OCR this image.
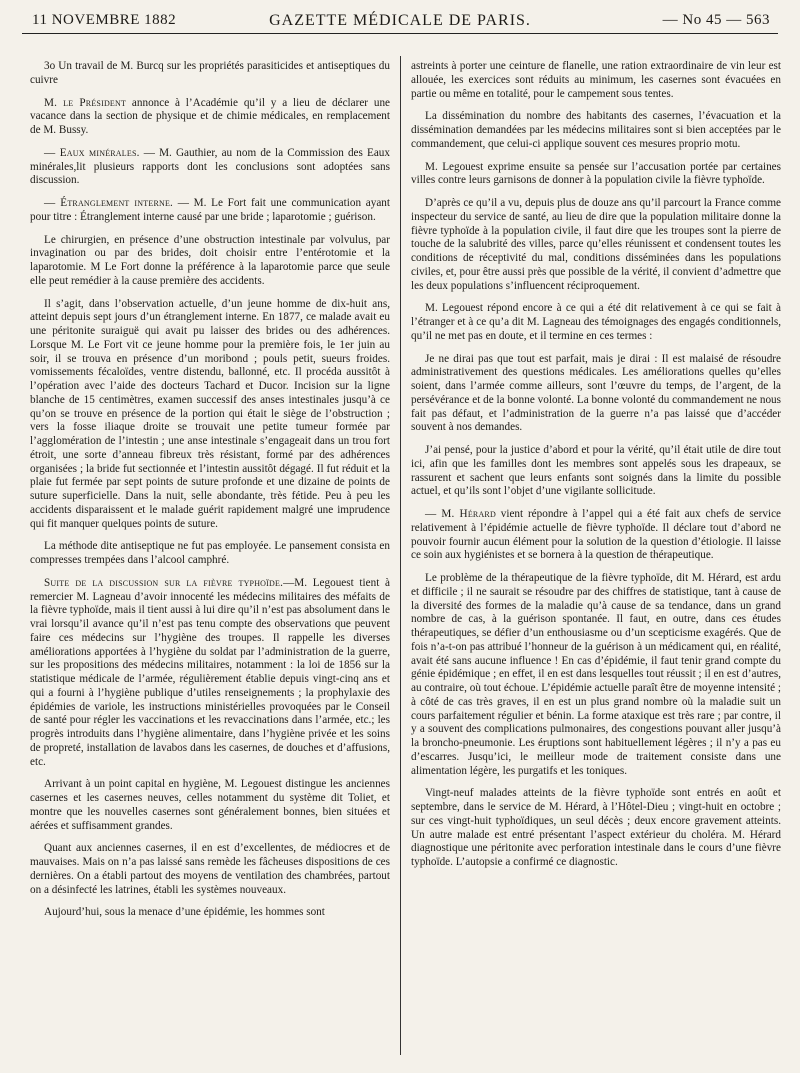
11 NOVEMBRE 1882	GAZETTE MÉDICALE DE PARIS.	— No 45 — 563

3o Un travail de M. Burcq sur les propriétés parasiticides et antiseptiques du cuivre

M. le Président annonce à l’Académie qu’il y a lieu de déclarer une vacance dans la section de physique et de chimie médicales, en remplacement de M. Bussy.

— Eaux minérales. — M. Gauthier, au nom de la Commission des Eaux minérales,lit plusieurs rapports dont les conclusions sont adoptées sans discussion.

— Étranglement interne. — M. Le Fort fait une communication ayant pour titre : Étranglement interne causé par une bride ; laparotomie ; guérison.

Le chirurgien, en présence d’une obstruction intestinale par volvulus, par invagination ou par des brides, doit choisir entre l’entérotomie et la laparotomie. M Le Fort donne la préférence à la laparotomie parce que seule elle peut remédier à la cause première des accidents.

Il s’agit, dans l’observation actuelle, d’un jeune homme de dix-huit ans, atteint depuis sept jours d’un étranglement interne. En 1877, ce malade avait eu une péritonite suraiguë qui avait pu laisser des brides ou des adhérences. Lorsque M. Le Fort vit ce jeune homme pour la première fois, le 1er juin au soir, il se trouva en présence d’un moribond ; pouls petit, sueurs froides. vomissements fécaloïdes, ventre distendu, ballonné, etc. Il procéda aussitôt à l’opération avec l’aide des docteurs Tachard et Ducor. Incision sur la ligne blanche de 15 centimètres, examen successif des anses intestinales jusqu’à ce qu’on se trouve en présence de la portion qui était le siège de l’obstruction ; vers la fosse iliaque droite se trouvait une petite tumeur formée par l’agglomération de l’intestin ; une anse intestinale s’engageait dans un trou fort étroit, une sorte d’anneau fibreux très résistant, formé par des adhérences organisées ; la bride fut sectionnée et l’intestin aussitôt dégagé. Il fut réduit et la plaie fut fermée par sept points de suture profonde et une dizaine de points de suture superficielle. Dans la nuit, selle abondante, très fétide. Peu à peu les accidents disparaissent et le malade guérit rapidement malgré une imprudence qui fit manquer quelques points de suture.

La méthode dite antiseptique ne fut pas employée. Le pansement consista en compresses trempées dans l’alcool camphré.

Suite de la discussion sur la fièvre typhoïde.—M. Legouest tient à remercier M. Lagneau d’avoir innocenté les médecins militaires des méfaits de la fièvre typhoïde, mais il tient aussi à lui dire qu’il n’est pas absolument dans le vrai lorsqu’il avance qu’il n’est pas tenu compte des observations que peuvent faire ces médecins sur l’hygiène des troupes. Il rappelle les diverses améliorations apportées à l’hygiène du soldat par l’administration de la guerre, sur les propositions des médecins militaires, notamment : la loi de 1856 sur la statistique médicale de l’armée, régulièrement établie depuis vingt-cinq ans et qui a fourni à l’hygiène publique d’utiles renseignements ; la prophylaxie des épidémies de variole, les instructions ministérielles provoquées par le Conseil de santé pour régler les vaccinations et les revaccinations dans l’armée, etc.; les progrès introduits dans l’hygiène alimentaire, dans l’hygiène privée et les soins de propreté, installation de lavabos dans les casernes, de douches et d’affusions, etc.

Arrivant à un point capital en hygiène, M. Legouest distingue les anciennes casernes et les casernes neuves, celles notamment du système dit Toliet, et montre que les nouvelles casernes sont généralement bonnes, bien situées et aérées et suffisamment grandes.

Quant aux anciennes casernes, il en est d’excellentes, de médiocres et de mauvaises. Mais on n’a pas laissé sans remède les fâcheuses dispositions de ces dernières. On a établi partout des moyens de ventilation des chambrées, partout on a désinfecté les latrines, établi les systèmes nouveaux.

Aujourd’hui, sous la menace d’une épidémie, les hommes sont

astreints à porter une ceinture de flanelle, une ration extraordinaire de vin leur est allouée, les exercices sont réduits au minimum, les casernes sont évacuées en partie ou même en totalité, pour le campement sous tentes.

La dissémination du nombre des habitants des casernes, l’évacuation et la dissémination demandées par les médecins militaires sont si bien acceptées par le commandement, que celui-ci applique souvent ces mesures proprio motu.

M. Legouest exprime ensuite sa pensée sur l’accusation portée par certaines villes contre leurs garnisons de donner à la population civile la fièvre typhoïde.

D’après ce qu’il a vu, depuis plus de douze ans qu’il parcourt la France comme inspecteur du service de santé, au lieu de dire que la population militaire donne la fièvre typhoïde à la population civile, il faut dire que les troupes sont la pierre de touche de la salubrité des villes, parce qu’elles réunissent et condensent toutes les conditions de réceptivité du mal, conditions disséminées dans les populations civiles, et, pour être aussi près que possible de la vérité, il convient d’admettre que les deux populations s’influencent réciproquement.

M. Legouest répond encore à ce qui a été dit relativement à ce qui se fait à l’étranger et à ce qu’a dit M. Lagneau des témoignages des engagés conditionnels, qu’il ne met pas en doute, et il termine en ces termes :

Je ne dirai pas que tout est parfait, mais je dirai : Il est malaisé de résoudre administrativement des questions médicales. Les améliorations quelles qu’elles soient, dans l’armée comme ailleurs, sont l’œuvre du temps, de l’argent, de la persévérance et de la bonne volonté. La bonne volonté du commandement ne nous fait pas défaut, et l’administration de la guerre n’a pas laissé que d’accéder souvent à nos demandes.

J’ai pensé, pour la justice d’abord et pour la vérité, qu’il était utile de dire tout ici, afin que les familles dont les membres sont appelés sous les drapeaux, se rassurent et sachent que leurs enfants sont soignés dans la limite du possible actuel, et qu’ils sont l’objet d’une vigilante sollicitude.

— M. Hérard vient répondre à l’appel qui a été fait aux chefs de service relativement à l’épidémie actuelle de fièvre typhoïde. Il déclare tout d’abord ne pouvoir fournir aucun élément pour la solution de la question d’étiologie. Il laisse ce soin aux hygiénistes et se bornera à la question de thérapeutique.

Le problème de la thérapeutique de la fièvre typhoïde, dit M. Hérard, est ardu et difficile ; il ne saurait se résoudre par des chiffres de statistique, tant à cause de la diversité des formes de la maladie qu’à cause de sa tendance, dans un grand nombre de cas, à la guérison spontanée. Il faut, en outre, dans ces études thérapeutiques, se défier d’un enthousiasme ou d’un scepticisme exagérés. Que de fois n’a-t-on pas attribué l’honneur de la guérison à un médicament qui, en réalité, avait été sans aucune influence ! En cas d’épidémie, il faut tenir grand compte du génie épidémique ; en effet, il en est dans lesquelles tout réussit ; il en est d’autres, au contraire, où tout échoue. L’épidémie actuelle paraît être de moyenne intensité ; à côté de cas très graves, il en est un plus grand nombre où la maladie suit un cours parfaitement régulier et bénin. La forme ataxique est très rare ; par contre, il y a souvent des complications pulmonaires, des congestions pouvant aller jusqu’à la broncho-pneumonie. Les éruptions sont habituellement légères ; il n’y a pas eu d’escarres. Jusqu’ici, le meilleur mode de traitement consiste dans une alimentation légère, les purgatifs et les toniques.

Vingt-neuf malades atteints de la fièvre typhoïde sont entrés en août et septembre, dans le service de M. Hérard, à l’Hôtel-Dieu ; vingt-huit en octobre ; sur ces vingt-huit typhoïdiques, un seul décès ; deux encore gravement atteints. Un autre malade est entré présentant l’aspect extérieur du choléra. M. Hérard diagnostique une péritonite avec perforation intestinale dans le cours d’une fièvre typhoïde. L’autopsie a confirmé ce diagnostic.
